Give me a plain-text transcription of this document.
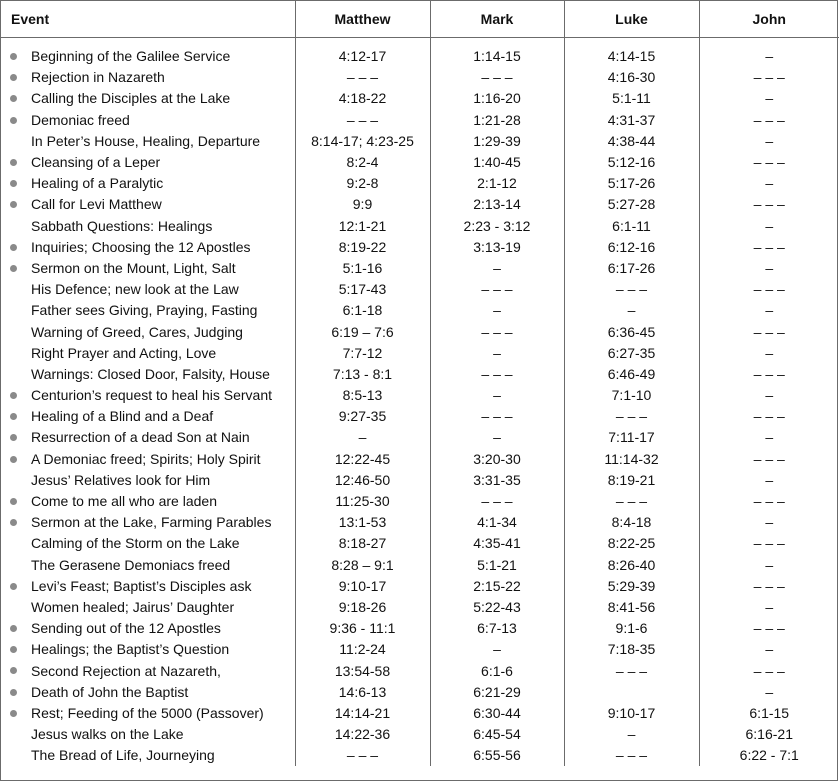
Event	Matthew	Mark	Luke	John

Beginning of the Galilee Service	4:12-17	1:14-15	4:14-15	–

Rejection in Nazareth	– – –	– – –	4:16-30	– – –

Calling the Disciples at the Lake	4:18-22	1:16-20	5:1-11	–

Demoniac freed	– – –	1:21-28	4:31-37	– – –
In Peter’s House, Healing, Departure	8:14-17; 4:23-25	1:29-39	4:38-44	–

Cleansing of a Leper	8:2-4	1:40-45	5:12-16	– – –

Healing of a Paralytic	9:2-8	2:1-12	5:17-26	–

Call for Levi Matthew	9:9	2:13-14	5:27-28	– – –
Sabbath Questions: Healings	12:1-21	2:23 - 3:12	6:1-11	–

Inquiries; Choosing the 12 Apostles	8:19-22	3:13-19	6:12-16	– – –

Sermon on the Mount, Light, Salt	5:1-16	–	6:17-26	–
His Defence; new look at the Law	5:17-43	– – –	– – –	– – –
Father sees Giving, Praying, Fasting	6:1-18	–	–	–
Warning of Greed, Cares, Judging	6:19 – 7:6	– – –	6:36-45	– – –
Right Prayer and Acting, Love	7:7-12	–	6:27-35	–
Warnings: Closed Door, Falsity, House	7:13 - 8:1	– – –	6:46-49	– – –

Centurion’s request to heal his Servant	8:5-13	–	7:1-10	–

Healing of a Blind and a Deaf	9:27-35	– – –	– – –	– – –

Resurrection of a dead Son at Nain	–	–	7:11-17	–

A Demoniac freed; Spirits; Holy Spirit	12:22-45	3:20-30	11:14-32	– – –
Jesus’ Relatives look for Him	12:46-50	3:31-35	8:19-21	–

Come to me all who are laden	11:25-30	– – –	– – –	– – –

Sermon at the Lake, Farming Parables	13:1-53	4:1-34	8:4-18	–
Calming of the Storm on the Lake	8:18-27	4:35-41	8:22-25	– – –
The Gerasene Demoniacs freed	8:28 – 9:1	5:1-21	8:26-40	–

Levi’s Feast; Baptist’s Disciples ask	9:10-17	2:15-22	5:29-39	– – –
Women healed; Jairus’ Daughter	9:18-26	5:22-43	8:41-56	–

Sending out of the 12 Apostles	9:36 - 11:1	6:7-13	9:1-6	– – –

Healings; the Baptist’s Question	11:2-24	–	7:18-35	–

Second Rejection at Nazareth,	13:54-58	6:1-6	– – –	– – –

Death of John the Baptist	14:6-13	6:21-29		–

Rest; Feeding of the 5000 (Passover)	14:14-21	6:30-44	9:10-17	6:1-15
Jesus walks on the Lake	14:22-36	6:45-54	–	6:16-21
The Bread of Life, Journeying	– – –	6:55-56	– – –	6:22 - 7:1
